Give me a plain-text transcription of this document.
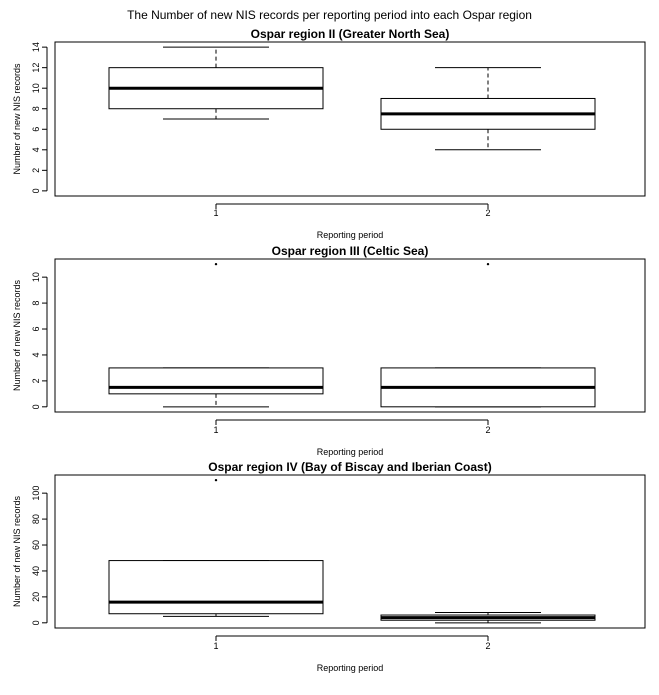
The Number of new NIS records per reporting period into each Ospar region
Ospar region II (Greater North Sea)
0
2
4
6
8
10
12
14
Number of new NIS records
1	2
Reporting period
Ospar region III (Celtic Sea)
0
2
4
6
8
10
Number of new NIS records
1	2
Reporting period
Ospar region IV (Bay of Biscay and Iberian Coast)
0
20
40
60
80
100
Number of new NIS records
1	2
Reporting period
